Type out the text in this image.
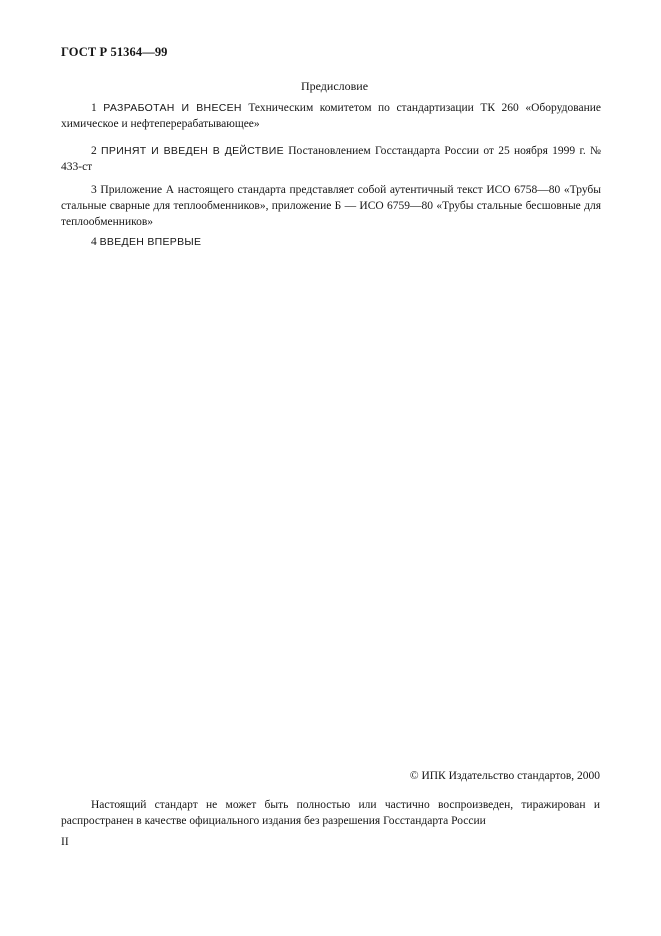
ГОСТ Р 51364—99
Предисловие
1 РАЗРАБОТАН И ВНЕСЕН Техническим комитетом по стандартизации ТК 260 «Оборудование химическое и нефтеперерабатывающее»
2 ПРИНЯТ И ВВЕДЕН В ДЕЙСТВИЕ Постановлением Госстандарта России от 25 ноября 1999 г. № 433-ст
3 Приложение А настоящего стандарта представляет собой аутентичный текст ИСО 6758—80 «Трубы стальные сварные для теплообменников», приложение Б — ИСО 6759—80 «Трубы стальные бесшовные для теплообменников»
4 ВВЕДЕН ВПЕРВЫЕ
© ИПК Издательство стандартов, 2000
Настоящий стандарт не может быть полностью или частично воспроизведен, тиражирован и распространен в качестве официального издания без разрешения Госстандарта России
II
